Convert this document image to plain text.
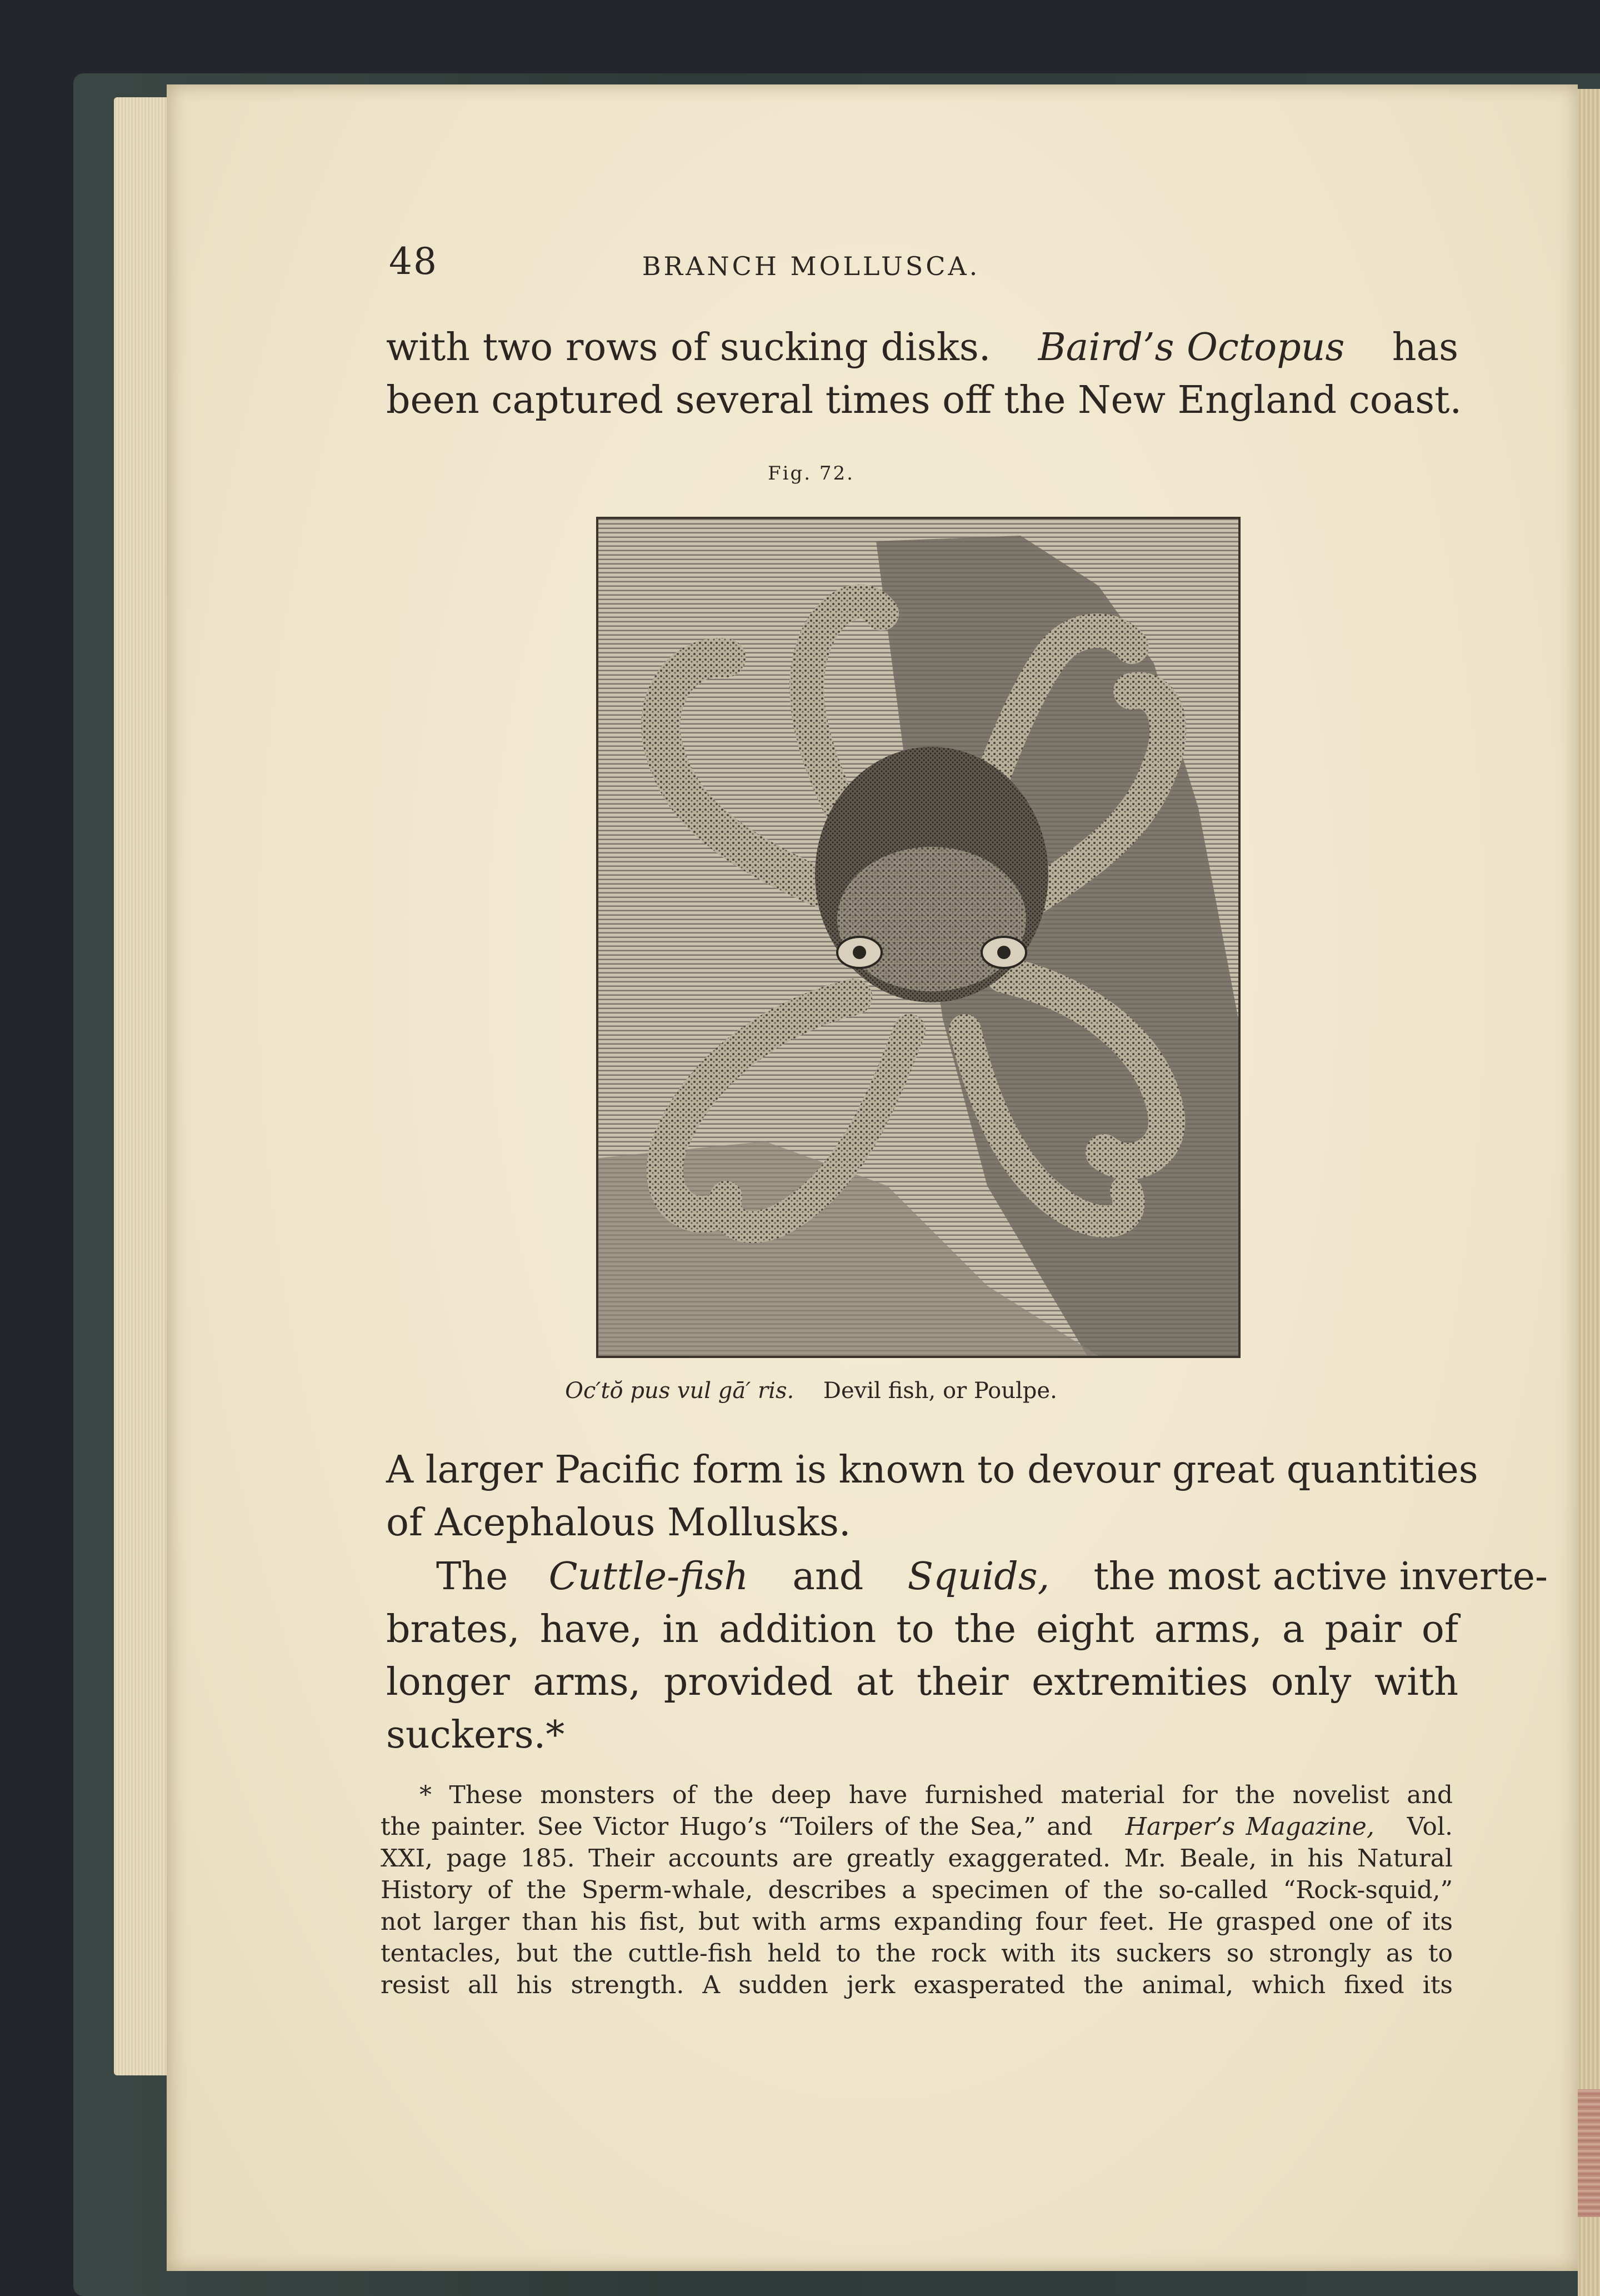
48	BRANCH MOLLUSCA.
with two rows of sucking disks. Baird’s Octopus has
been captured several times off the New England coast.
Fig. 72.
Oc′tŏ pus vul gā′ ris. Devil fish, or Poulpe.
A larger Pacific form is known to devour great quantities
of Acephalous Mollusks.
The Cuttle-fish and Squids, the most active inverte-
brates, have, in addition to the eight arms, a pair of
longer arms, provided at their extremities only with
suckers.*
* These monsters of the deep have furnished material for the novelist and
the painter. See Victor Hugo’s “Toilers of the Sea,” and Harper’s Magazine, Vol.
XXI, page 185. Their accounts are greatly exaggerated. Mr. Beale, in his Natural
History of the Sperm-whale, describes a specimen of the so-called “Rock-squid,”
not larger than his fist, but with arms expanding four feet. He grasped one of its
tentacles, but the cuttle-fish held to the rock with its suckers so strongly as to
resist all his strength. A sudden jerk exasperated the animal, which fixed its
